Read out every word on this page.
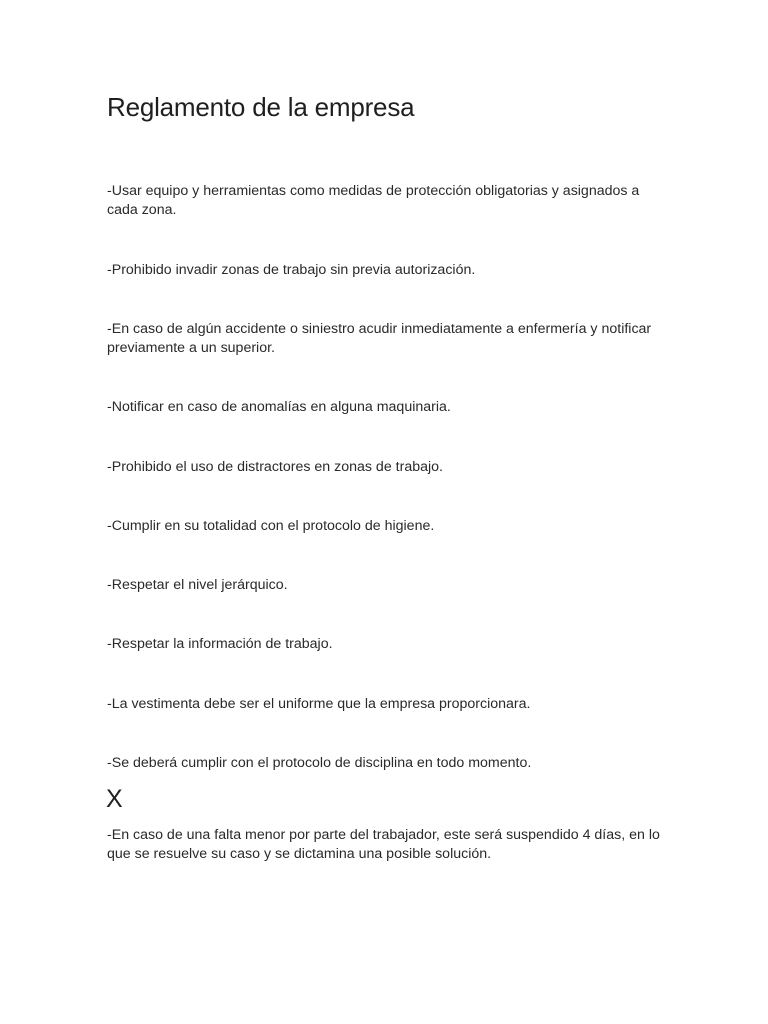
Reglamento de la empresa

-Usar equipo y herramientas como medidas de protección obligatorias y asignados a cada zona.

-Prohibido invadir zonas de trabajo sin previa autorización.

-En caso de algún accidente o siniestro acudir inmediatamente a enfermería y notificar previamente a un superior.

-Notificar en caso de anomalías en alguna maquinaria.

-Prohibido el uso de distractores en zonas de trabajo.

-Cumplir en su totalidad con el protocolo de higiene.

-Respetar el nivel jerárquico.

-Respetar la información de trabajo.

-La vestimenta debe ser el uniforme que la empresa proporcionara.

-Se deberá cumplir con el protocolo de disciplina en todo momento.

X

-En caso de una falta menor por parte del trabajador, este será suspendido 4 días, en lo que se resuelve su caso y se dictamina una posible solución.
